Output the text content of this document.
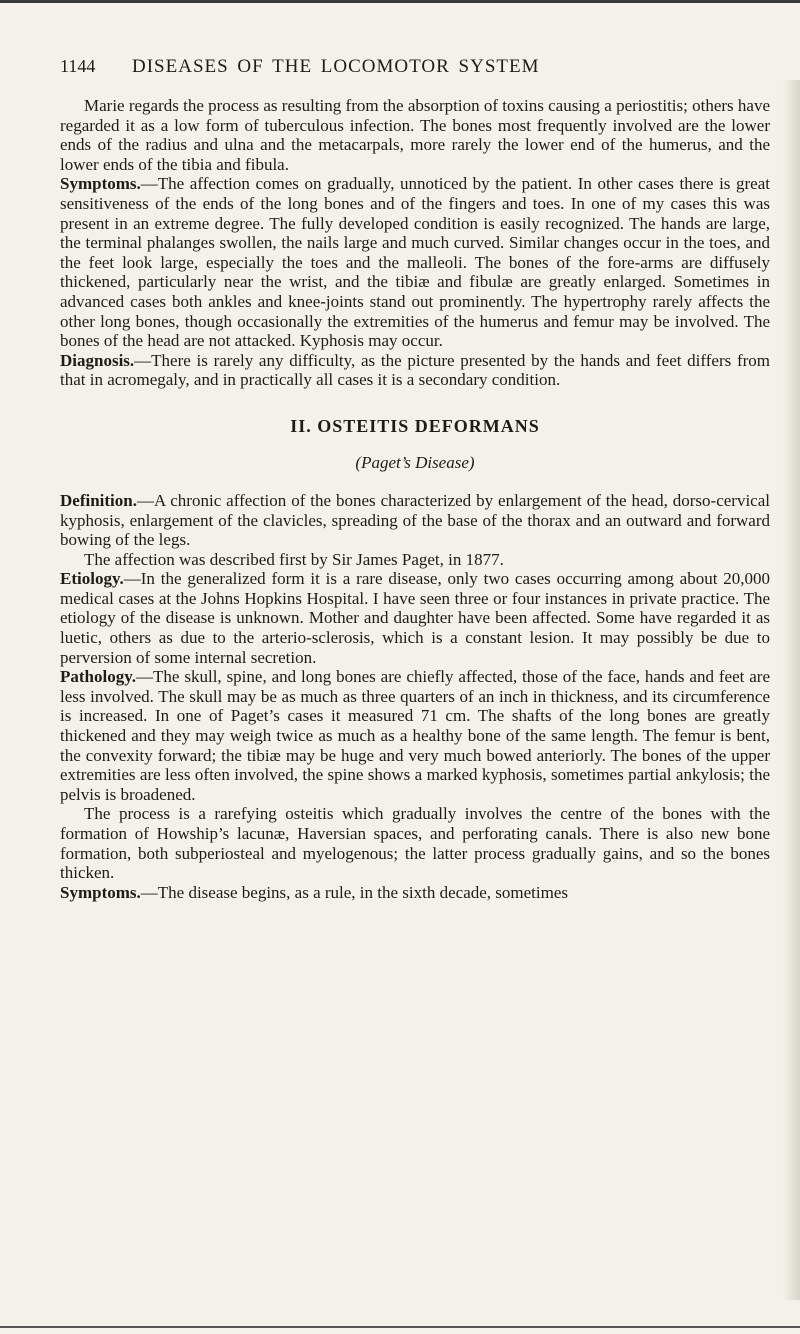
1144	DISEASES OF THE LOCOMOTOR SYSTEM

Marie regards the process as resulting from the absorption of toxins causing a periostitis; others have regarded it as a low form of tuberculous infection. The bones most frequently involved are the lower ends of the radius and ulna and the metacarpals, more rarely the lower end of the humerus, and the lower ends of the tibia and fibula.

Symptoms.—The affection comes on gradually, unnoticed by the patient. In other cases there is great sensitiveness of the ends of the long bones and of the fingers and toes. In one of my cases this was present in an extreme degree. The fully developed condition is easily recognized. The hands are large, the terminal phalanges swollen, the nails large and much curved. Similar changes occur in the toes, and the feet look large, especially the toes and the malleoli. The bones of the fore-arms are diffusely thickened, particularly near the wrist, and the tibiæ and fibulæ are greatly enlarged. Sometimes in advanced cases both ankles and knee-joints stand out prominently. The hypertrophy rarely affects the other long bones, though occasionally the extremities of the humerus and femur may be involved. The bones of the head are not attacked. Kyphosis may occur.

Diagnosis.—There is rarely any difficulty, as the picture presented by the hands and feet differs from that in acromegaly, and in practically all cases it is a secondary condition.

II. OSTEITIS DEFORMANS
(Paget’s Disease)

Definition.—A chronic affection of the bones characterized by enlargement of the head, dorso-cervical kyphosis, enlargement of the clavicles, spreading of the base of the thorax and an outward and forward bowing of the legs.

The affection was described first by Sir James Paget, in 1877.

Etiology.—In the generalized form it is a rare disease, only two cases occurring among about 20,000 medical cases at the Johns Hopkins Hospital. I have seen three or four instances in private practice. The etiology of the disease is unknown. Mother and daughter have been affected. Some have regarded it as luetic, others as due to the arterio-sclerosis, which is a constant lesion. It may possibly be due to perversion of some internal secretion.

Pathology.—The skull, spine, and long bones are chiefly affected, those of the face, hands and feet are less involved. The skull may be as much as three quarters of an inch in thickness, and its circumference is increased. In one of Paget’s cases it measured 71 cm. The shafts of the long bones are greatly thickened and they may weigh twice as much as a healthy bone of the same length. The femur is bent, the convexity forward; the tibiæ may be huge and very much bowed anteriorly. The bones of the upper extremities are less often involved, the spine shows a marked kyphosis, sometimes partial ankylosis; the pelvis is broadened.

The process is a rarefying osteitis which gradually involves the centre of the bones with the formation of Howship’s lacunæ, Haversian spaces, and perforating canals. There is also new bone formation, both subperiosteal and myelogenous; the latter process gradually gains, and so the bones thicken.

Symptoms.—The disease begins, as a rule, in the sixth decade, sometimes
